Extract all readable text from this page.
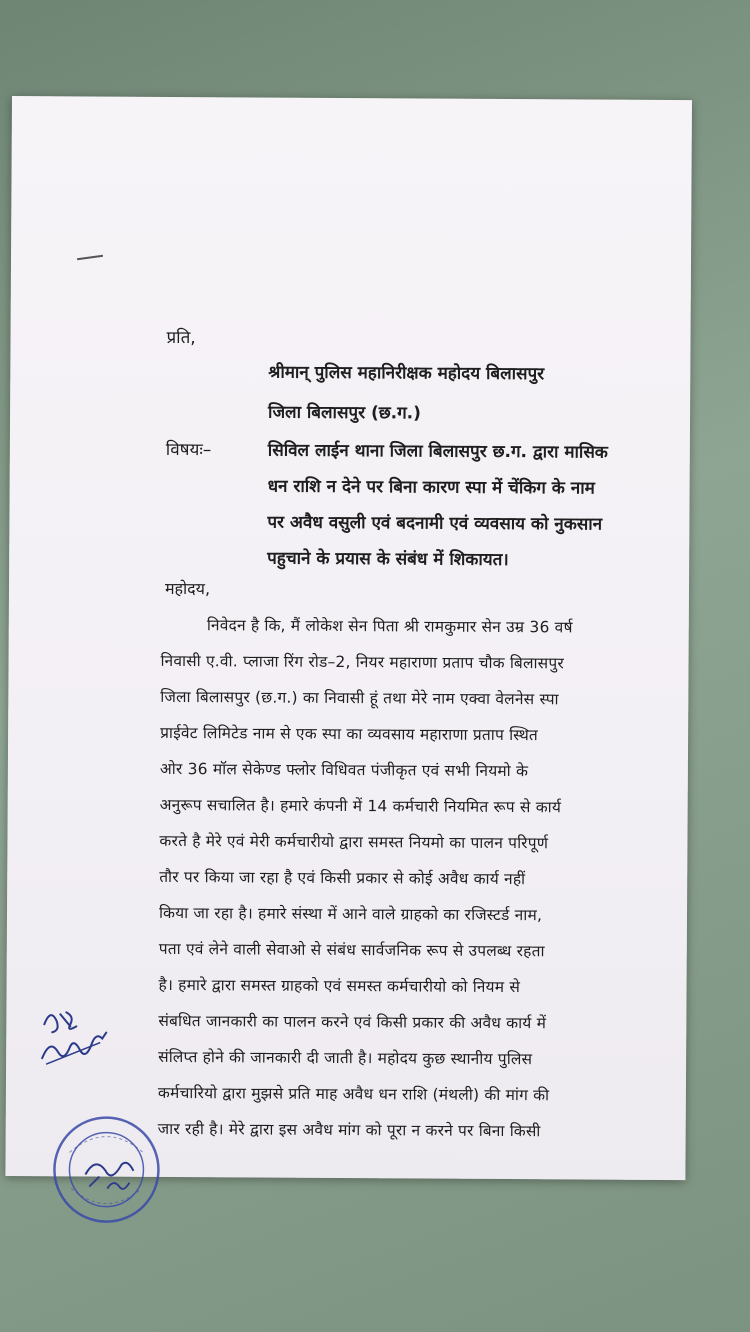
प्रति,
श्रीमान् पुलिस महानिरीक्षक महोदय बिलासपुर
जिला बिलासपुर (छ.ग.)
विषयः–	सिविल लाईन थाना जिला बिलासपुर छ.ग. द्वारा मासिक
धन राशि न देने पर बिना कारण स्पा में चेंकिग के नाम
पर अवैध वसुली एवं बदनामी एवं व्यवसाय को नुकसान
पहुचाने के प्रयास के संबंध में शिकायत।
महोदय,
निवेदन है कि, मैं लोकेश सेन पिता श्री रामकुमार सेन उम्र 36 वर्ष
निवासी ए.वी. प्लाजा रिंग रोड–2, नियर महाराणा प्रताप चौक बिलासपुर
जिला बिलासपुर (छ.ग.) का निवासी हूं तथा मेरे नाम एक्वा वेलनेस स्पा
प्राईवेट लिमिटेड नाम से एक स्पा का व्यवसाय महाराणा प्रताप स्थित
ओर 36 मॉल सेकेण्ड फ्लोर विधिवत पंजीकृत एवं सभी नियमो के
अनुरूप सचालित है। हमारे कंपनी में 14 कर्मचारी नियमित रूप से कार्य
करते है मेरे एवं मेरी कर्मचारीयो द्वारा समस्त नियमो का पालन परिपूर्ण
तौर पर किया जा रहा है एवं किसी प्रकार से कोई अवैध कार्य नहीं
किया जा रहा है। हमारे संस्था में आने वाले ग्राहको का रजिस्टर्ड नाम,
पता एवं लेने वाली सेवाओ से संबंध सार्वजनिक रूप से उपलब्ध रहता
है। हमारे द्वारा समस्त ग्राहको एवं समस्त कर्मचारीयो को नियम से
संबधित जानकारी का पालन करने एवं किसी प्रकार की अवैध कार्य में
संलिप्त होने की जानकारी दी जाती है। महोदय कुछ स्थानीय पुलिस
कर्मचारियो द्वारा मुझसे प्रति माह अवैध धन राशि (मंथली) की मांग की
जार रही है। मेरे द्वारा इस अवैध मांग को पूरा न करने पर बिना किसी
